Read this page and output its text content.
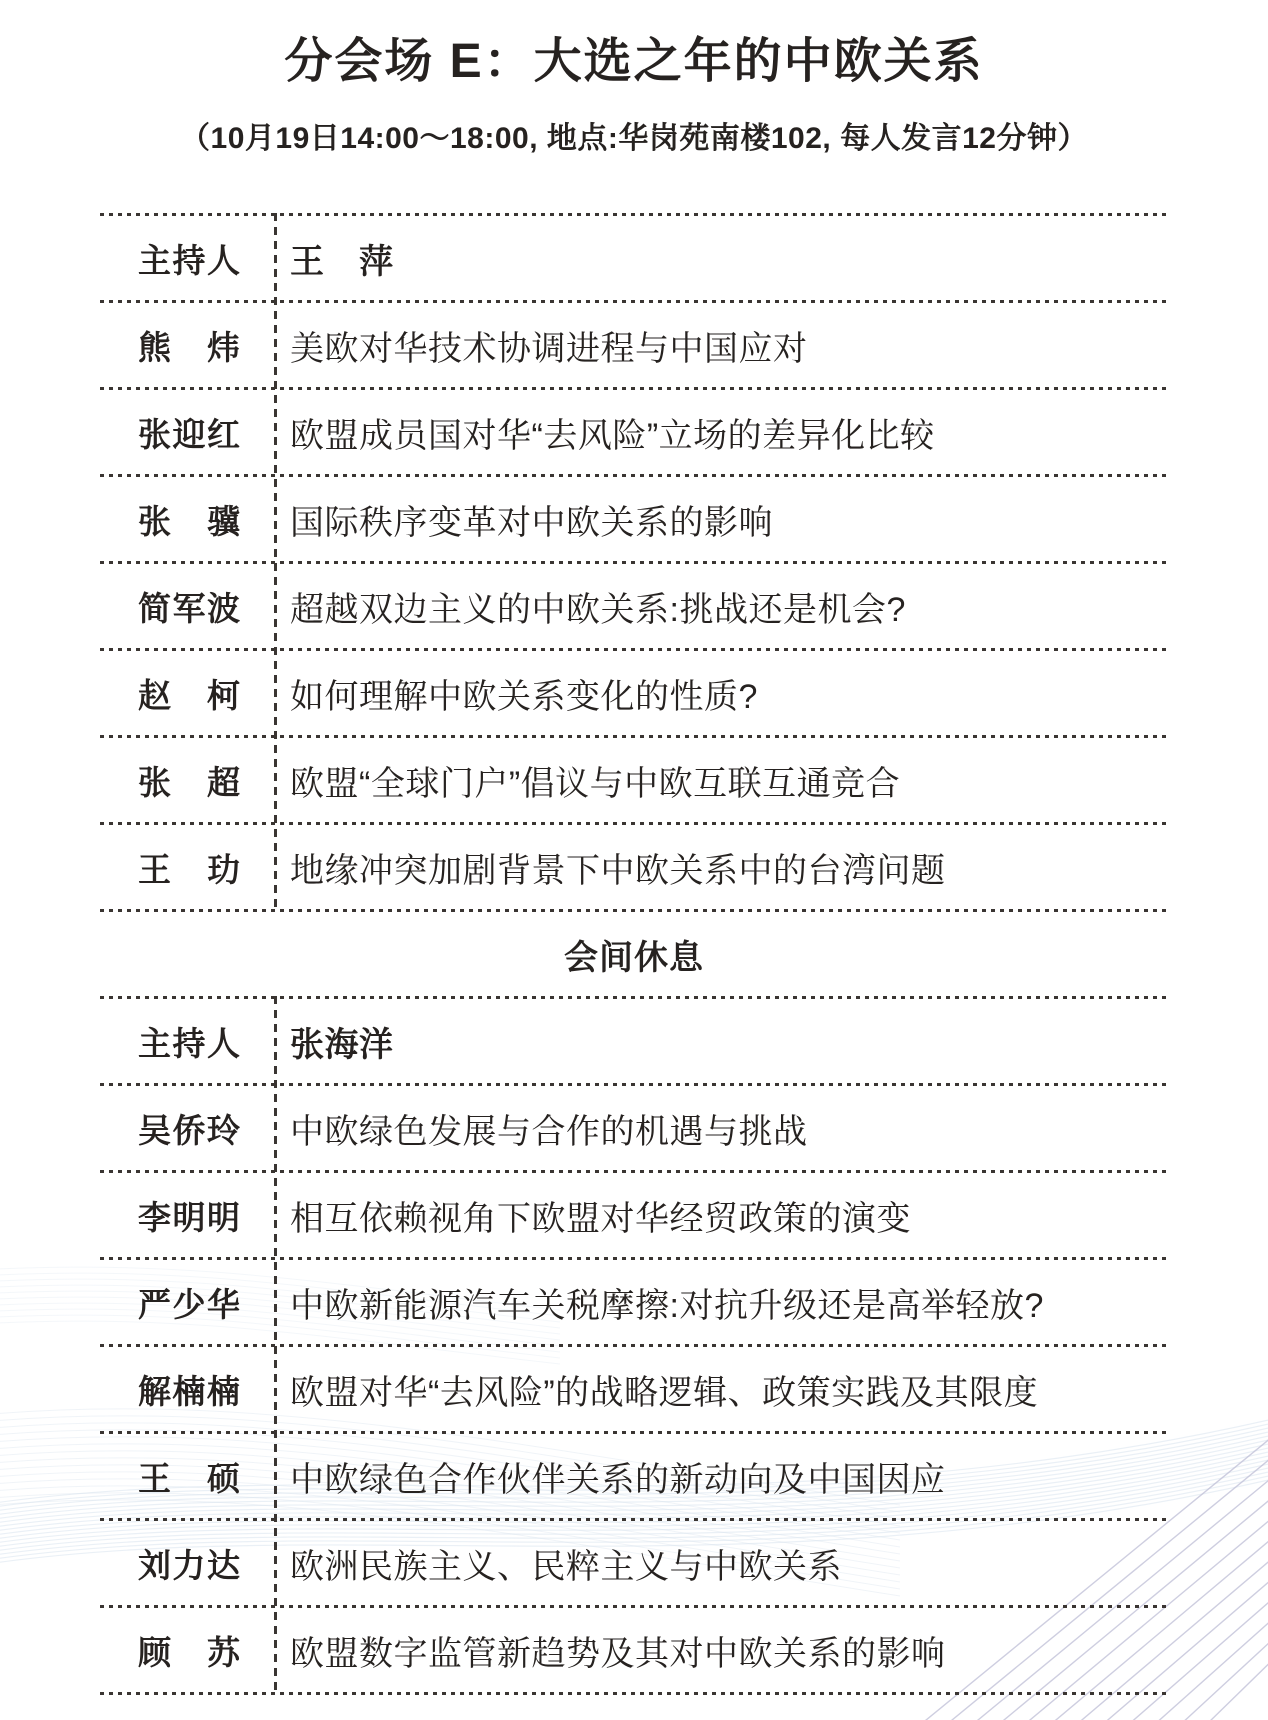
分会场 E：大选之年的中欧关系
（10月19日14:00～18:00, 地点:华岗苑南楼102, 每人发言12分钟）
主 持 人 王　萍
熊 炜 美欧对华技术协调进程与中国应对
张 迎 红 欧盟成员国对华“去风险”立场的差异化比较
张 骥 国际秩序变革对中欧关系的影响
简 军 波 超越双边主义的中欧关系:挑战还是机会?
赵 柯 如何理解中欧关系变化的性质?
张 超 欧盟“全球门户”倡议与中欧互联互通竞合
王 玏 地缘冲突加剧背景下中欧关系中的台湾问题
会间休息
主 持 人 张海洋
吴 侨 玲 中欧绿色发展与合作的机遇与挑战
李 明 明 相互依赖视角下欧盟对华经贸政策的演变
严 少 华 中欧新能源汽车关税摩擦:对抗升级还是高举轻放?
解 楠 楠 欧盟对华“去风险”的战略逻辑、政策实践及其限度
王 硕 中欧绿色合作伙伴关系的新动向及中国因应
刘 力 达 欧洲民族主义、民粹主义与中欧关系
顾 苏 欧盟数字监管新趋势及其对中欧关系的影响
